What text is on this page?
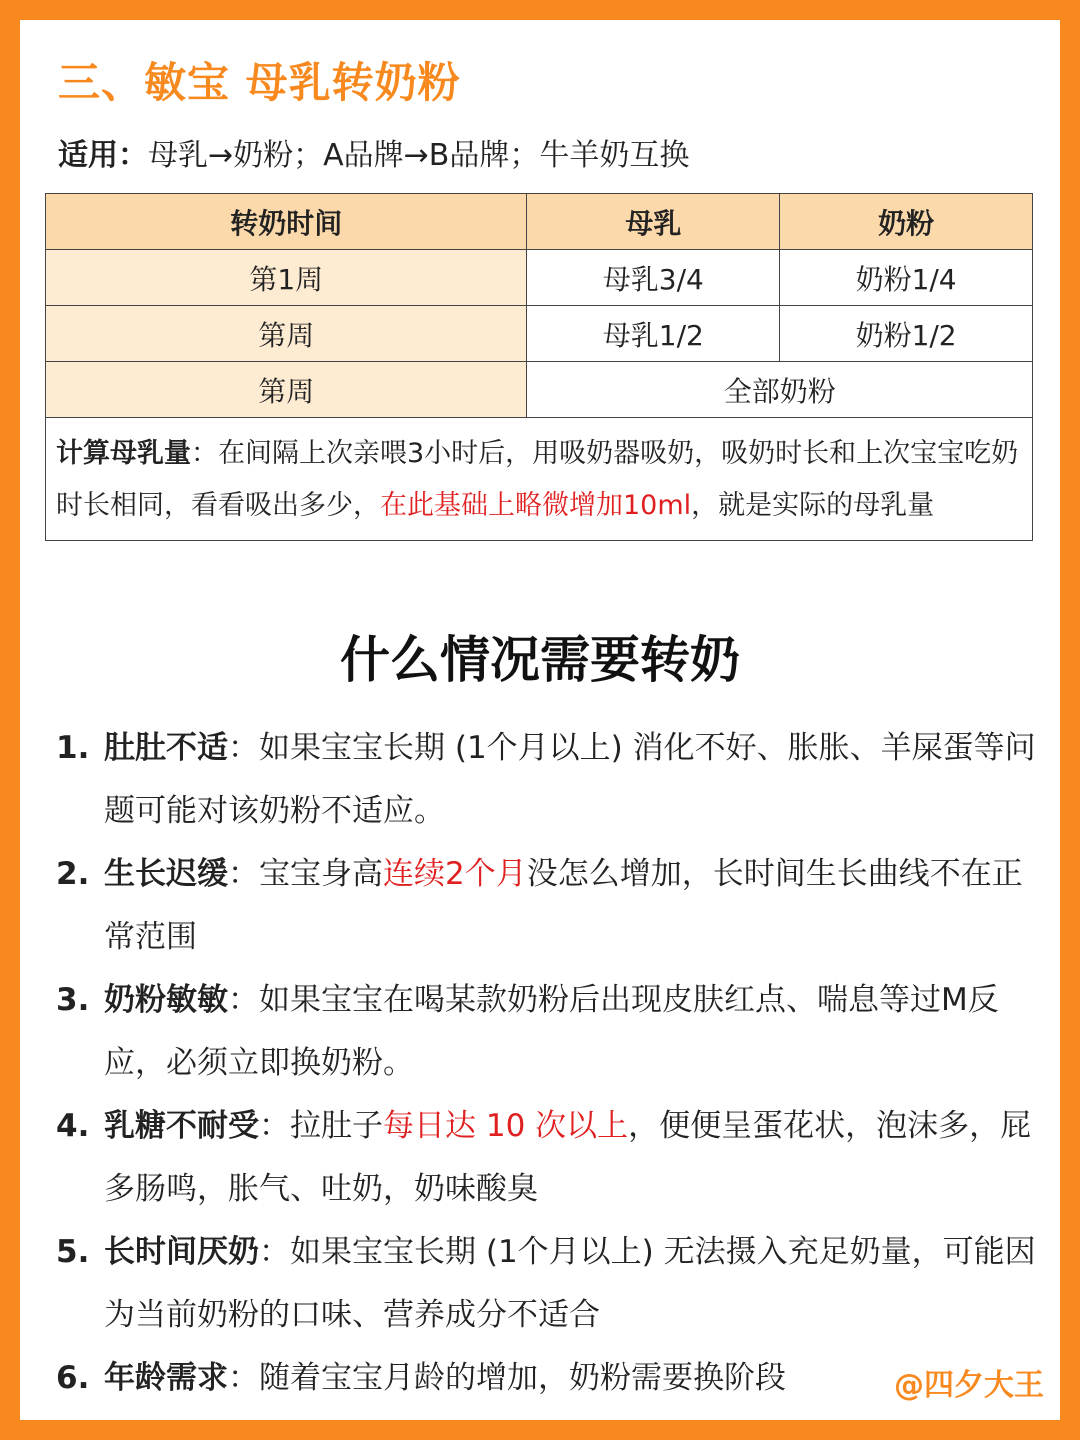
三、敏宝 母乳转奶粉
适用：母乳→奶粉；A品牌→B品牌；牛羊奶互换
转奶时间	母乳	奶粉
第1周	母乳3/4	奶粉1/4
第周	母乳1/2	奶粉1/2
第周	全部奶粉	
计算母乳量：在间隔上次亲喂3小时后，用吸奶器吸奶，吸奶时长和上次宝宝吃奶时长相同，看看吸出多少，在此基础上略微增加10ml，就是实际的母乳量		
什么情况需要转奶
1. 肚肚不适：如果宝宝长期 (1个月以上) 消化不好、胀胀、羊屎蛋等问题可能对该奶粉不适应。
2. 生长迟缓：宝宝身高连续2个月没怎么增加，长时间生长曲线不在正常范围
3. 奶粉敏敏：如果宝宝在喝某款奶粉后出现皮肤红点、喘息等过M反应，必须立即换奶粉。
4. 乳糖不耐受：拉肚子每日达 10 次以上，便便呈蛋花状，泡沫多，屁多肠鸣，胀气、吐奶，奶味酸臭
5. 长时间厌奶：如果宝宝长期 (1个月以上) 无法摄入充足奶量，可能因为当前奶粉的口味、营养成分不适合
6. 年龄需求：随着宝宝月龄的增加，奶粉需要换阶段	@四夕大王
